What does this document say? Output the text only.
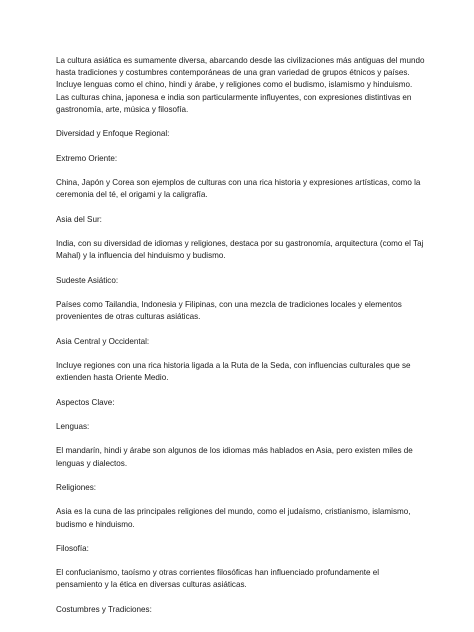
La cultura asiática es sumamente diversa, abarcando desde las civilizaciones más antiguas del mundo hasta tradiciones y costumbres contemporáneas de una gran variedad de grupos étnicos y países. Incluye lenguas como el chino, hindi y árabe, y religiones como el budismo, islamismo y hinduismo. Las culturas china, japonesa e india son particularmente influyentes, con expresiones distintivas en gastronomía, arte, música y filosofía.

Diversidad y Enfoque Regional:

Extremo Oriente:

China, Japón y Corea son ejemplos de culturas con una rica historia y expresiones artísticas, como la ceremonia del té, el origami y la caligrafía.

Asia del Sur:

India, con su diversidad de idiomas y religiones, destaca por su gastronomía, arquitectura (como el Taj Mahal) y la influencia del hinduismo y budismo.

Sudeste Asiático:

Países como Tailandia, Indonesia y Filipinas, con una mezcla de tradiciones locales y elementos provenientes de otras culturas asiáticas.

Asia Central y Occidental:

Incluye regiones con una rica historia ligada a la Ruta de la Seda, con influencias culturales que se extienden hasta Oriente Medio.

Aspectos Clave:

Lenguas:

El mandarín, hindi y árabe son algunos de los idiomas más hablados en Asia, pero existen miles de lenguas y dialectos.

Religiones:

Asia es la cuna de las principales religiones del mundo, como el judaísmo, cristianismo, islamismo, budismo e hinduismo.

Filosofía:

El confucianismo, taoísmo y otras corrientes filosóficas han influenciado profundamente el pensamiento y la ética en diversas culturas asiáticas.

Costumbres y Tradiciones:
